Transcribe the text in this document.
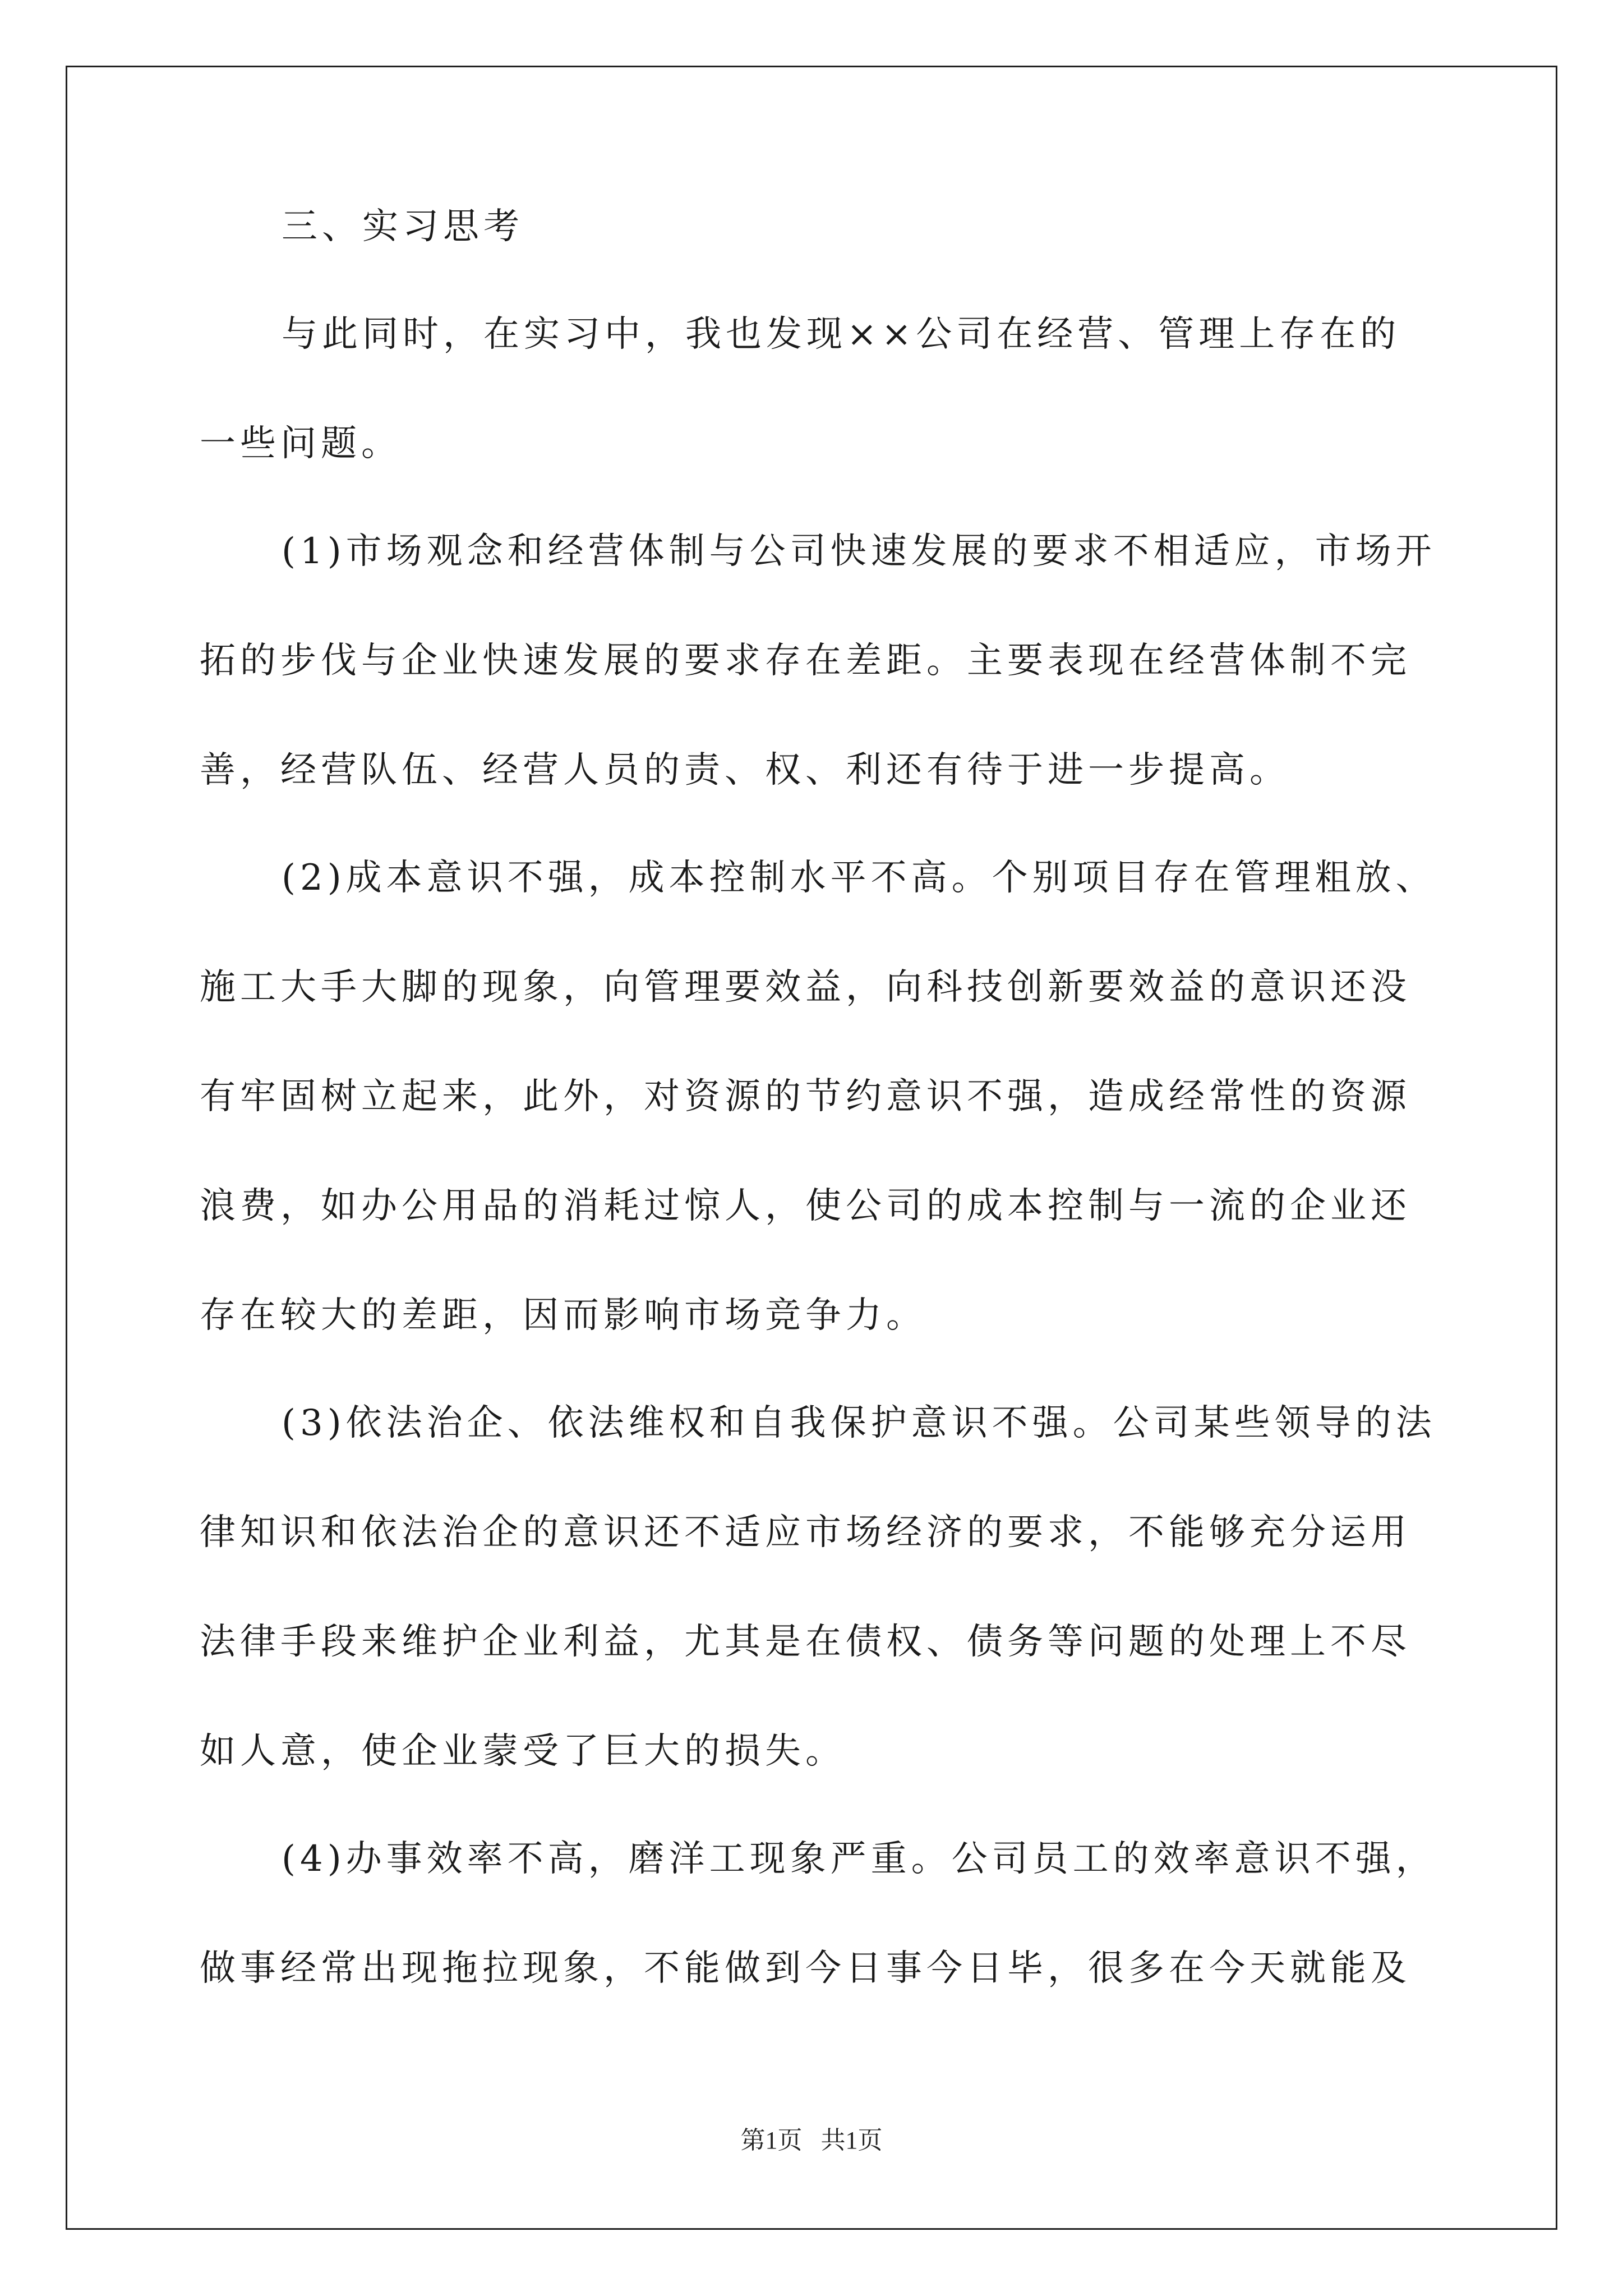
三、实习思考
与此同时，在实习中，我也发现××公司在经营、管理上存在的
一些问题。
(1)市场观念和经营体制与公司快速发展的要求不相适应，市场开
拓的步伐与企业快速发展的要求存在差距。主要表现在经营体制不完
善，经营队伍、经营人员的责、权、利还有待于进一步提高。
(2)成本意识不强，成本控制水平不高。个别项目存在管理粗放、
施工大手大脚的现象，向管理要效益，向科技创新要效益的意识还没
有牢固树立起来，此外，对资源的节约意识不强，造成经常性的资源
浪费，如办公用品的消耗过惊人，使公司的成本控制与一流的企业还
存在较大的差距，因而影响市场竞争力。
(3)依法治企、依法维权和自我保护意识不强。公司某些领导的法
律知识和依法治企的意识还不适应市场经济的要求，不能够充分运用
法律手段来维护企业利益，尤其是在债权、债务等问题的处理上不尽
如人意，使企业蒙受了巨大的损失。
(4)办事效率不高，磨洋工现象严重。公司员工的效率意识不强，
做事经常出现拖拉现象，不能做到今日事今日毕，很多在今天就能及
第1页   共1页
